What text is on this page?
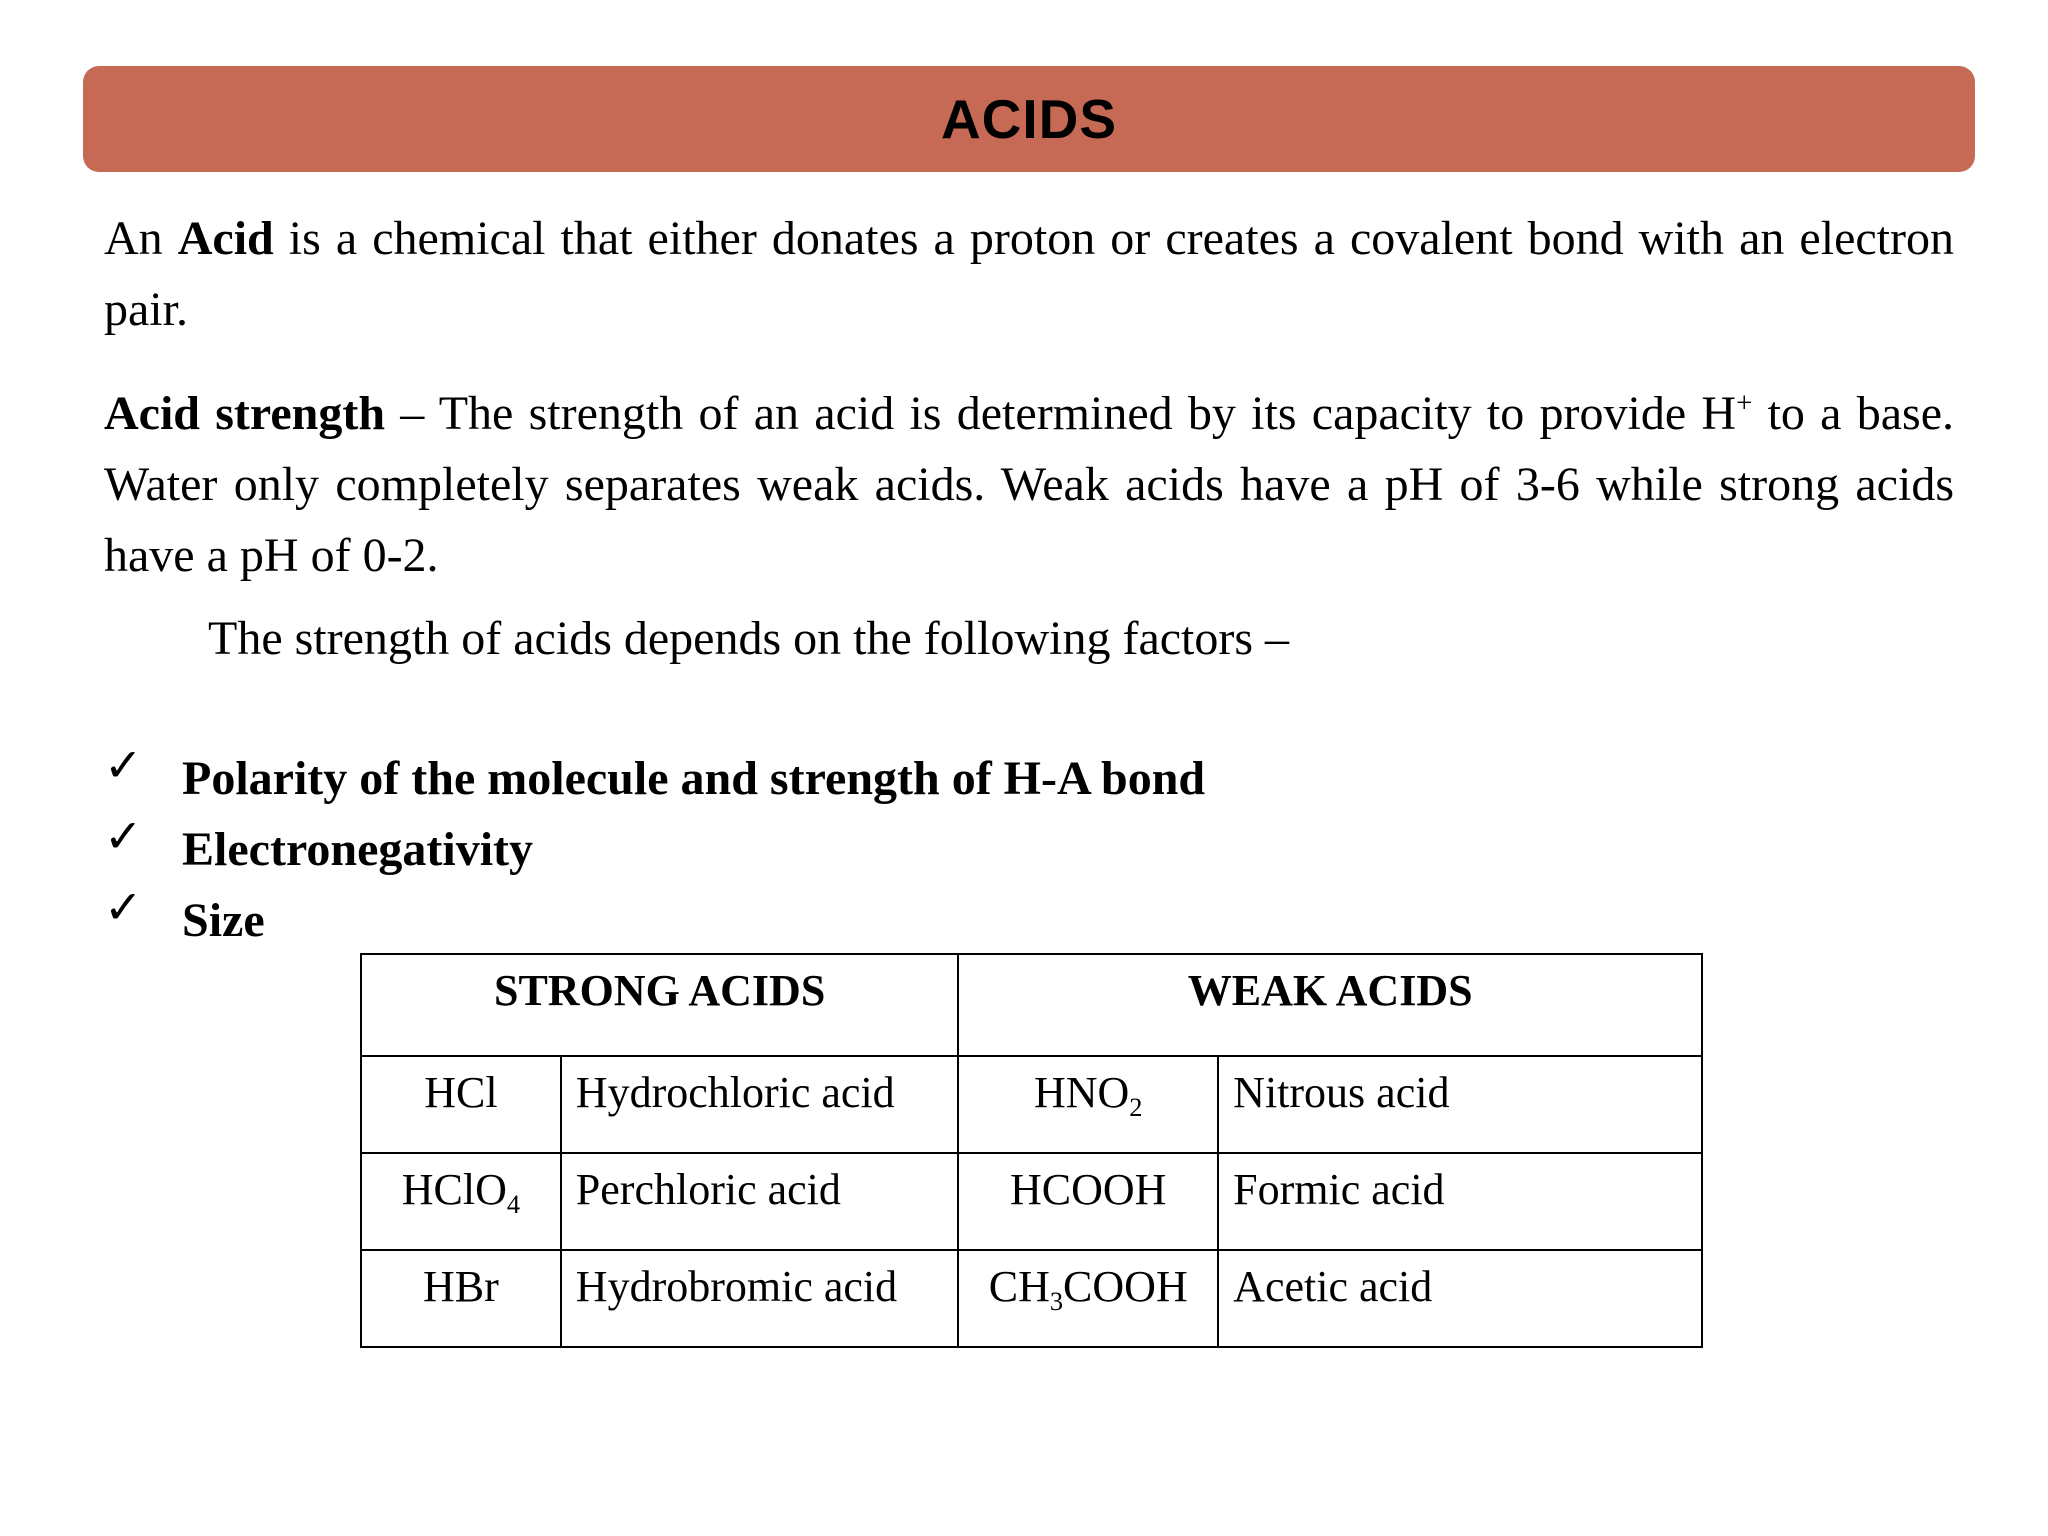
ACIDS

An Acid is a chemical that either donates a proton or creates a covalent bond with an electron pair.

Acid strength – The strength of an acid is determined by its capacity to provide H+ to a base. Water only completely separates weak acids. Weak acids have a pH of 3-6 while strong acids have a pH of 0-2.

The strength of acids depends on the following factors –

✓ Polarity of the molecule and strength of H-A bond
✓ Electronegativity
✓ Size
STRONG ACIDS		WEAK ACIDS	
HCl	Hydrochloric acid	$HNO_2$	Nitrous acid
HClO$_4$	Perchloric acid	HCOOH	Formic acid
HBr	Hydrobromic acid	$CH_3COOH$	Acetic acid
